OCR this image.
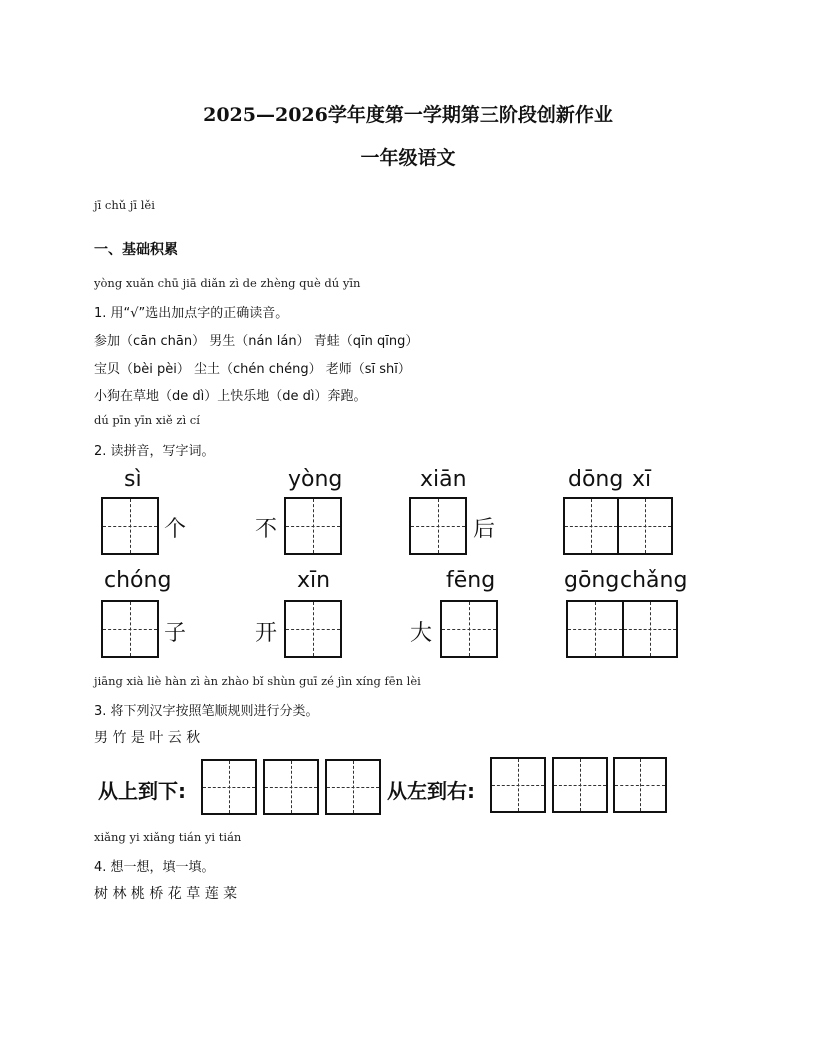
2025—2026学年度第一学期第三阶段创新作业
一年级语文
jī chǔ jī lěi
一、基础积累
yòng xuǎn chū jiā diǎn zì de zhèng què dú yīn
1. 用“√”选出加点字的正确读音。
参加（cān chān） 男生（nán lán） 青蛙（qīn qīng）
宝贝（bèi pèi） 尘土（chén chéng） 老师（sī shī）
小狗在草地（de dì）上快乐地（de dì）奔跑。
dú pīn yīn xiě zì cí
2. 读拼音，写字词。
sì
个
yòng
不
xiān
后
dōng xī
chóng
子
xīn
开
fēng
大
gōng chǎng
jiāng xià liè hàn zì àn zhào bǐ shùn guī zé jìn xíng fēn lèi
3. 将下列汉字按照笔顺规则进行分类。
男 竹 是 叶 云 秋
从上到下:	从左到右:
xiǎng yi xiǎng tián yi tián
4. 想一想，填一填。
树 林 桃 桥 花 草 莲 菜
